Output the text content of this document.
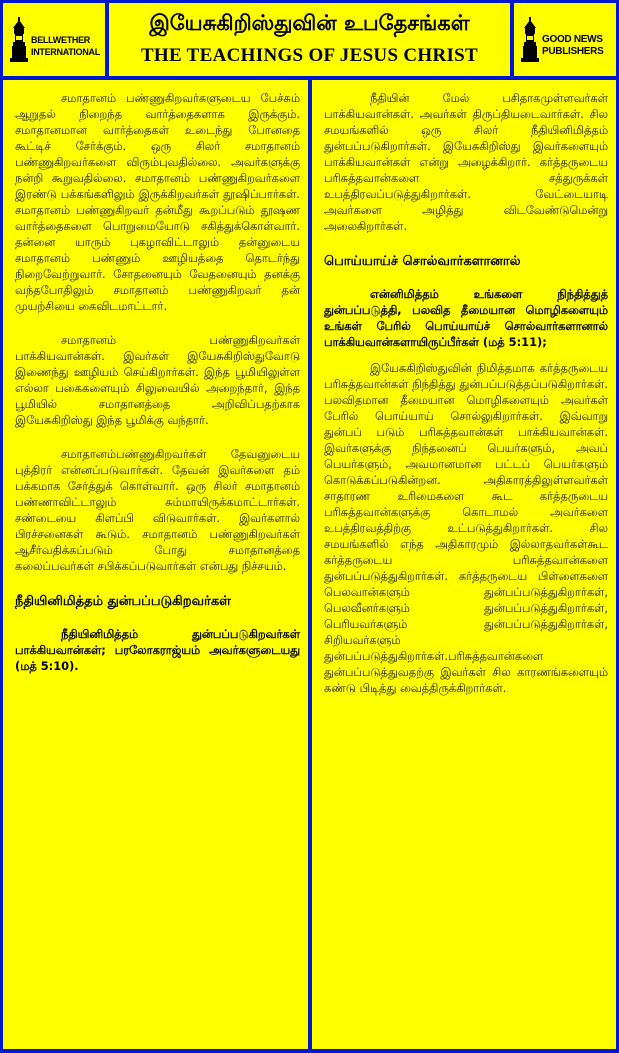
BELLWETHER
INTERNATIONAL
இயேசுகிறிஸ்துவின் உபதேசங்கள்
THE TEACHINGS OF JESUS CHRIST
GOOD NEWS
PUBLISHERS

சமாதானம் பண்ணுகிறவர்களுடைய பேச்சும் ஆறுதல் நிறைந்த வார்த்தைகளாக இருக்கும். சமாதானமான வார்த்தைகள் உடைந்து போனதை கூட்டிச் சேர்க்கும். ஒரு சிலர் சமாதானம் பண்ணுகிறவர்களை விரும்புவதில்லை. அவர்களுக்கு நன்றி கூறுவதில்லை. சமாதானம் பண்ணுகிறவர்களை இரண்டு பக்கங்களிலும் இருக்கிறவர்கள் தூஷிப்பார்கள். சமாதானம் பண்ணுகிறவர் தன்மீது கூறப்படும் தூஷண வார்த்தைகளை பொறுமையோடு சகித்துக்கொள்வார். தன்னை யாரும் புகழாவிட்டாலும் தன்னுடைய சமாதானம் பண்ணும் ஊழியத்தை தொடர்ந்து நிறைவேற்றுவார். சோதனையும் வேதனையும் தனக்கு வந்தபோதிலும் சமாதானம் பண்ணுகிறவர் தன் முயற்சியை கைவிடமாட்டார்.

சமாதானம் பண்ணுகிறவர்கள் பாக்கியவான்கள். இவர்கள் இயேசுகிறிஸ்துவோடு இணைந்து ஊழியம் செய்கிறார்கள். இந்த பூமியிலுள்ள எல்லா பகைகளையும் சிலுவையில் அறைந்தார், இந்த பூமியில் சமாதானத்தை அறிவிப்பதற்காக இயேசுகிறிஸ்து இந்த பூமிக்கு வந்தார்.

சமாதானம்பண்ணுகிறவர்கள் தேவனுடைய புத்திரர் என்னப்படுவார்கள். தேவன் இவர்களை தம் பக்கமாக சேர்த்துக் கொள்வார். ஒரு சிலர் சமாதானம் பண்ணாவிட்டாலும் சும்மாயிருக்கமாட்டார்கள். சண்டையை கிளப்பி விடுவார்கள். இவர்களால் பிரச்சனைகள் கூடும். சமாதானம் பண்ணுகிறவர்கள் ஆசீர்வதிக்கப்படும் போது சமாதானத்தை கலைப்பவர்கள் சபிக்கப்படுவார்கள் என்பது நிச்சயம்.

நீதியினிமித்தம் துன்பப்படுகிறவர்கள்

நீதியினிமித்தம் துன்பப்படுகிறவர்கள் பாக்கியவான்கள்; பரலோகராஜ்யம் அவர்களுடையது (மத் 5:10).

நீதியின் மேல் பசிதாகமுள்ளவர்கள் பாக்கியவான்கள். அவர்கள் திருப்தியடைவார்கள். சில சமயங்களில் ஒரு சிலர் நீதியினிமித்தம் துன்பப்படுகிறார்கள். இயேசுகிறிஸ்து இவர்களையும் பாக்கியவான்கள் என்று அழைக்கிறார். கர்த்தருடைய பரிசுத்தவான்களை சத்துருக்கள் உபத்திரவப்படுத்துகிறார்கள். வேட்டையாடி அவர்களை அழித்து விடவேண்டுமென்று அலைகிறார்கள்.

பொய்யாய்ச் சொல்வார்களானால்

என்னிமித்தம் உங்களை நிந்தித்துத் துன்பப்படுத்தி, பலவித தீமையான மொழிகளையும் உங்கள் பேரில் பொய்யாய்ச் சொல்வார்களானால் பாக்கியவான்களாயிருப்பீர்கள் (மத் 5:11);

இயேசுகிறிஸ்துவின் நிமித்தமாக கர்த்தருடைய பரிசுத்தவான்கள் நிந்தித்து துன்பப்படுத்தப்படுகிறார்கள். பலவிதமான தீமையான மொழிகளையும் அவர்கள் பேரில் பொய்யாய் சொல்லுகிறார்கள். இவ்வாறு துன்பப் படும் பரிசுத்தவான்கள் பாக்கியவான்கள். இவர்களுக்கு நிந்தனைப் பெயர்களும், அவப் பெயர்களும், அவமானமான பட்டப் பெயர்களும் கொடுக்கப்படுகின்றன. அதிகாரத்திலுள்ளவர்கள் சாதாரண உரிமைகளை கூட கர்த்தருடைய பரிசுத்தவான்களுக்கு கொடாமல் அவர்களை உபத்திரவத்திற்கு உட்படுத்துகிறார்கள். சில சமயங்களில் எந்த அதிகாரமும் இல்லாதவர்கள்கூட கர்த்தருடைய பரிசுத்தவான்களை துன்பப்படுத்துகிறார்கள். கர்த்தருடைய பிள்ளைகளை பெலவான்களும் துன்பப்படுத்துகிறார்கள், பெலவீனர்களும் துன்பப்படுத்துகிறார்கள், பெரியவர்களும் துன்பப்படுத்துகிறார்கள், சிறியவர்களும் துன்பப்படுத்துகிறார்கள்.பரிசுத்தவான்களை துன்பப்படுத்துவதற்கு இவர்கள் சில காரணங்களையும் கண்டு பிடித்து வைத்திருக்கிறார்கள்.
